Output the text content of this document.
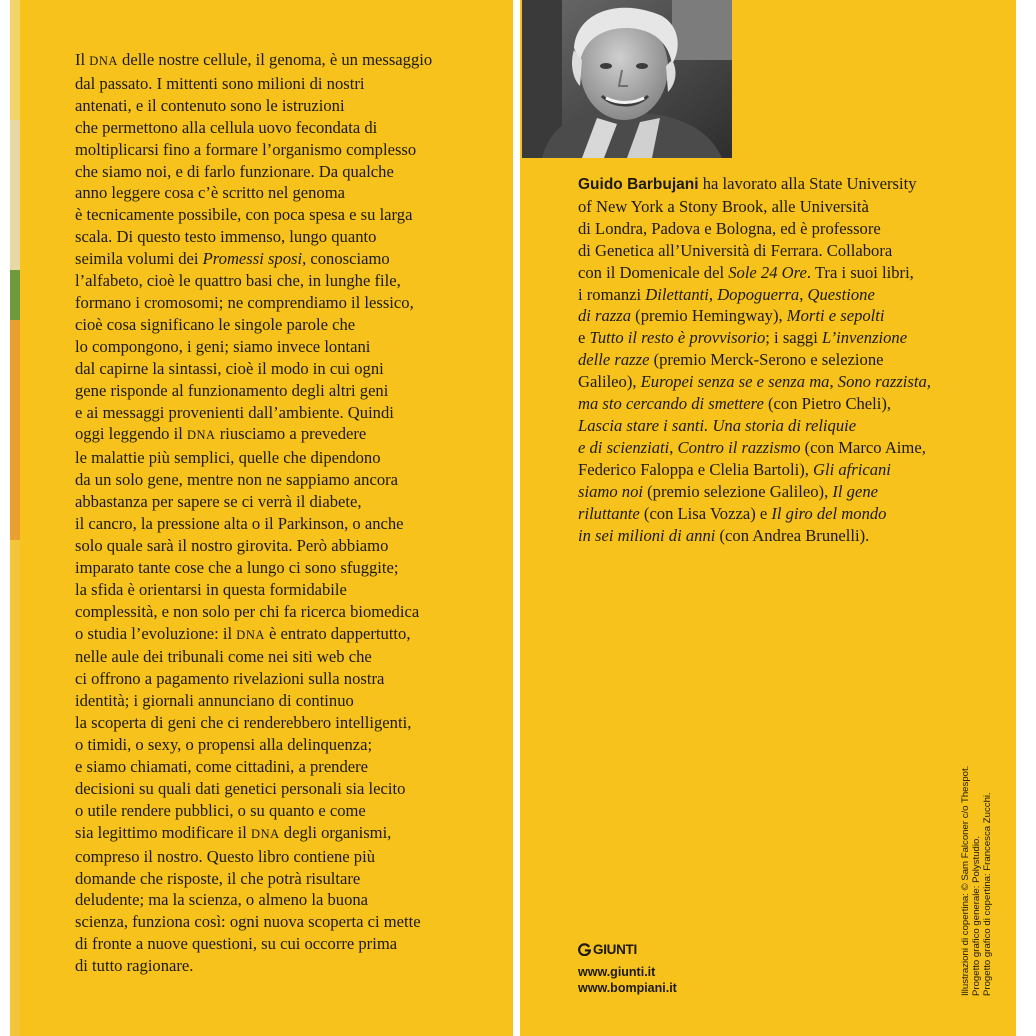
Il DNA delle nostre cellule, il genoma, è un messaggio
dal passato. I mittenti sono milioni di nostri
antenati, e il contenuto sono le istruzioni
che permettono alla cellula uovo fecondata di
moltiplicarsi fino a formare l’organismo complesso
che siamo noi, e di farlo funzionare. Da qualche
anno leggere cosa c’è scritto nel genoma
è tecnicamente possibile, con poca spesa e su larga
scala. Di questo testo immenso, lungo quanto
seimila volumi dei Promessi sposi, conosciamo
l’alfabeto, cioè le quattro basi che, in lunghe file,
formano i cromosomi; ne comprendiamo il lessico,
cioè cosa significano le singole parole che
lo compongono, i geni; siamo invece lontani
dal capirne la sintassi, cioè il modo in cui ogni
gene risponde al funzionamento degli altri geni
e ai messaggi provenienti dall’ambiente. Quindi
oggi leggendo il DNA riusciamo a prevedere
le malattie più semplici, quelle che dipendono
da un solo gene, mentre non ne sappiamo ancora
abbastanza per sapere se ci verrà il diabete,
il cancro, la pressione alta o il Parkinson, o anche
solo quale sarà il nostro girovita. Però abbiamo
imparato tante cose che a lungo ci sono sfuggite;
la sfida è orientarsi in questa formidabile
complessità, e non solo per chi fa ricerca biomedica
o studia l’evoluzione: il DNA è entrato dappertutto,
nelle aule dei tribunali come nei siti web che
ci offrono a pagamento rivelazioni sulla nostra
identità; i giornali annunciano di continuo
la scoperta di geni che ci renderebbero intelligenti,
o timidi, o sexy, o propensi alla delinquenza;
e siamo chiamati, come cittadini, a prendere
decisioni su quali dati genetici personali sia lecito
o utile rendere pubblici, o su quanto e come
sia legittimo modificare il DNA degli organismi,
compreso il nostro. Questo libro contiene più
domande che risposte, il che potrà risultare
deludente; ma la scienza, o almeno la buona
scienza, funziona così: ogni nuova scoperta ci mette
di fronte a nuove questioni, su cui occorre prima
di tutto ragionare.
Guido Barbujani ha lavorato alla State University
of New York a Stony Brook, alle Università
di Londra, Padova e Bologna, ed è professore
di Genetica all’Università di Ferrara. Collabora
con il Domenicale del Sole 24 Ore. Tra i suoi libri,
i romanzi Dilettanti, Dopoguerra, Questione
di razza (premio Hemingway), Morti e sepolti
e Tutto il resto è provvisorio; i saggi L’invenzione
delle razze (premio Merck-Serono e selezione
Galileo), Europei senza se e senza ma, Sono razzista,
ma sto cercando di smettere (con Pietro Cheli),
Lascia stare i santi. Una storia di reliquie
e di scienziati, Contro il razzismo (con Marco Aime,
Federico Faloppa e Clelia Bartoli), Gli africani
siamo noi (premio selezione Galileo), Il gene
riluttante (con Lisa Vozza) e Il giro del mondo
in sei milioni di anni (con Andrea Brunelli).
GIUNTI
www.giunti.it
www.bompiani.it	Illustrazioni di copertina: © Sam Falconer c/o Thespot. Progetto grafico generale: Polystudio. Progetto grafico di copertina: Francesca Zucchi.
